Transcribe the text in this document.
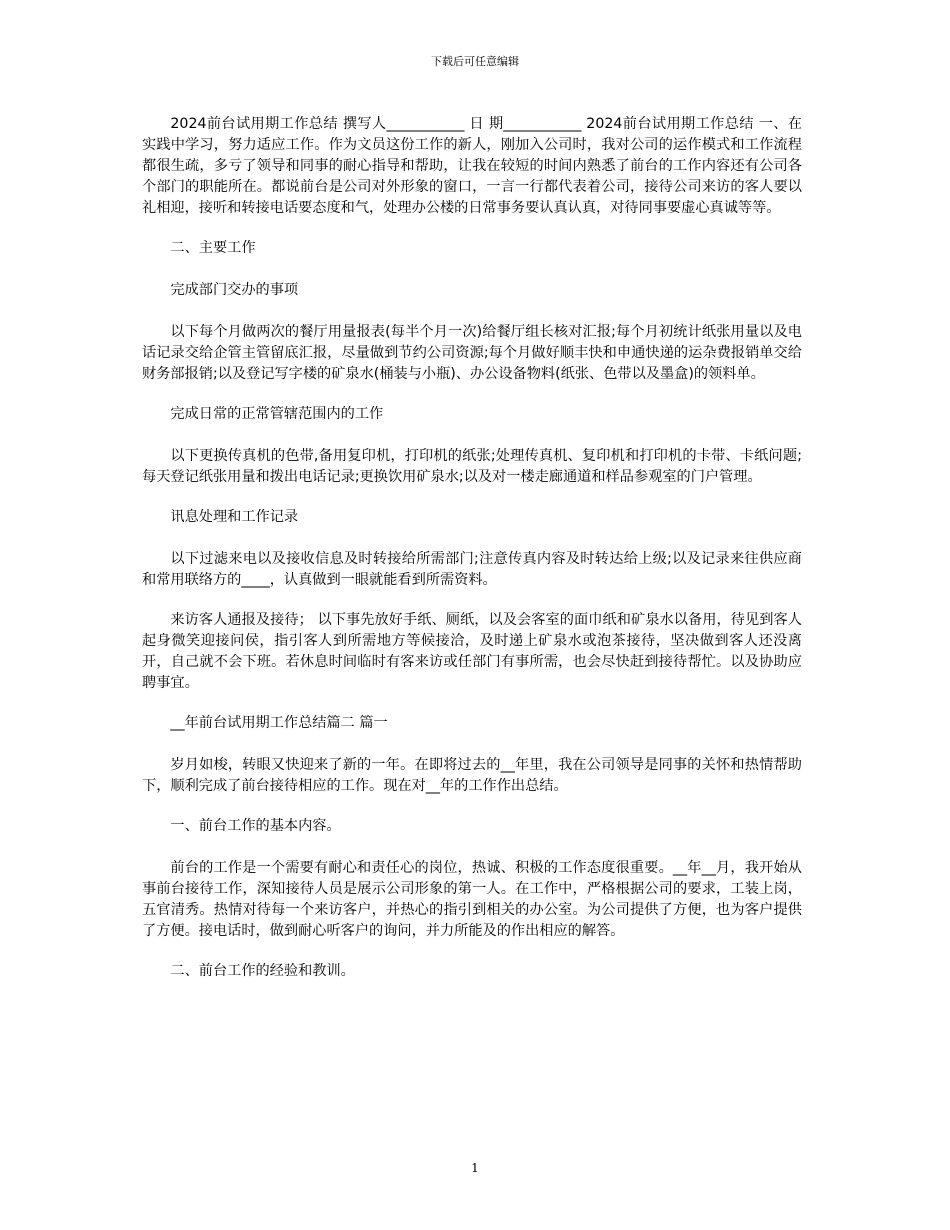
下载后可任意编辑

2024前台试用期工作总结 撰写人___________ 日 期___________ 2024前台试用期工作总结 一、在实践中学习，努力适应工作。作为文员这份工作的新人，刚加入公司时，我对公司的运作模式和工作流程都很生疏，多亏了领导和同事的耐心指导和帮助，让我在较短的时间内熟悉了前台的工作内容还有公司各个部门的职能所在。都说前台是公司对外形象的窗口，一言一行都代表着公司，接待公司来访的客人要以礼相迎，接听和转接电话要态度和气，处理办公楼的日常事务要认真认真，对待同事要虚心真诚等等。

二、主要工作

完成部门交办的事项

以下每个月做两次的餐厅用量报表(每半个月一次)给餐厅组长核对汇报;每个月初统计纸张用量以及电话记录交给企管主管留底汇报，尽量做到节约公司资源;每个月做好顺丰快和申通快递的运杂费报销单交给财务部报销;以及登记写字楼的矿泉水(桶装与小瓶)、办公设备物料(纸张、色带以及墨盒)的领料单。

完成日常的正常管辖范围内的工作

以下更换传真机的色带,备用复印机，打印机的纸张;处理传真机、复印机和打印机的卡带、卡纸问题;每天登记纸张用量和拨出电话记录;更换饮用矿泉水;以及对一楼走廊通道和样品参观室的门户管理。

讯息处理和工作记录

以下过滤来电以及接收信息及时转接给所需部门;注意传真内容及时转达给上级;以及记录来往供应商和常用联络方的____，认真做到一眼就能看到所需资料。

来访客人通报及接待； 以下事先放好手纸、厕纸，以及会客室的面巾纸和矿泉水以备用，待见到客人起身微笑迎接问侯，指引客人到所需地方等候接洽，及时递上矿泉水或泡茶接待，坚决做到客人还没离开，自己就不会下班。若休息时间临时有客来访或任部门有事所需，也会尽快赶到接待帮忙。以及协助应聘事宜。

__年前台试用期工作总结篇二 篇一

岁月如梭，转眼又快迎来了新的一年。在即将过去的__年里，我在公司领导是同事的关怀和热情帮助下，顺利完成了前台接待相应的工作。现在对__年的工作作出总结。

一、前台工作的基本内容。

前台的工作是一个需要有耐心和责任心的岗位，热诚、积极的工作态度很重要。__年__月，我开始从事前台接待工作，深知接待人员是展示公司形象的第一人。在工作中，严格根据公司的要求，工装上岗，五官清秀。热情对待每一个来访客户，并热心的指引到相关的办公室。为公司提供了方便，也为客户提供了方便。接电话时，做到耐心听客户的询问，并力所能及的作出相应的解答。

二、前台工作的经验和教训。

1
